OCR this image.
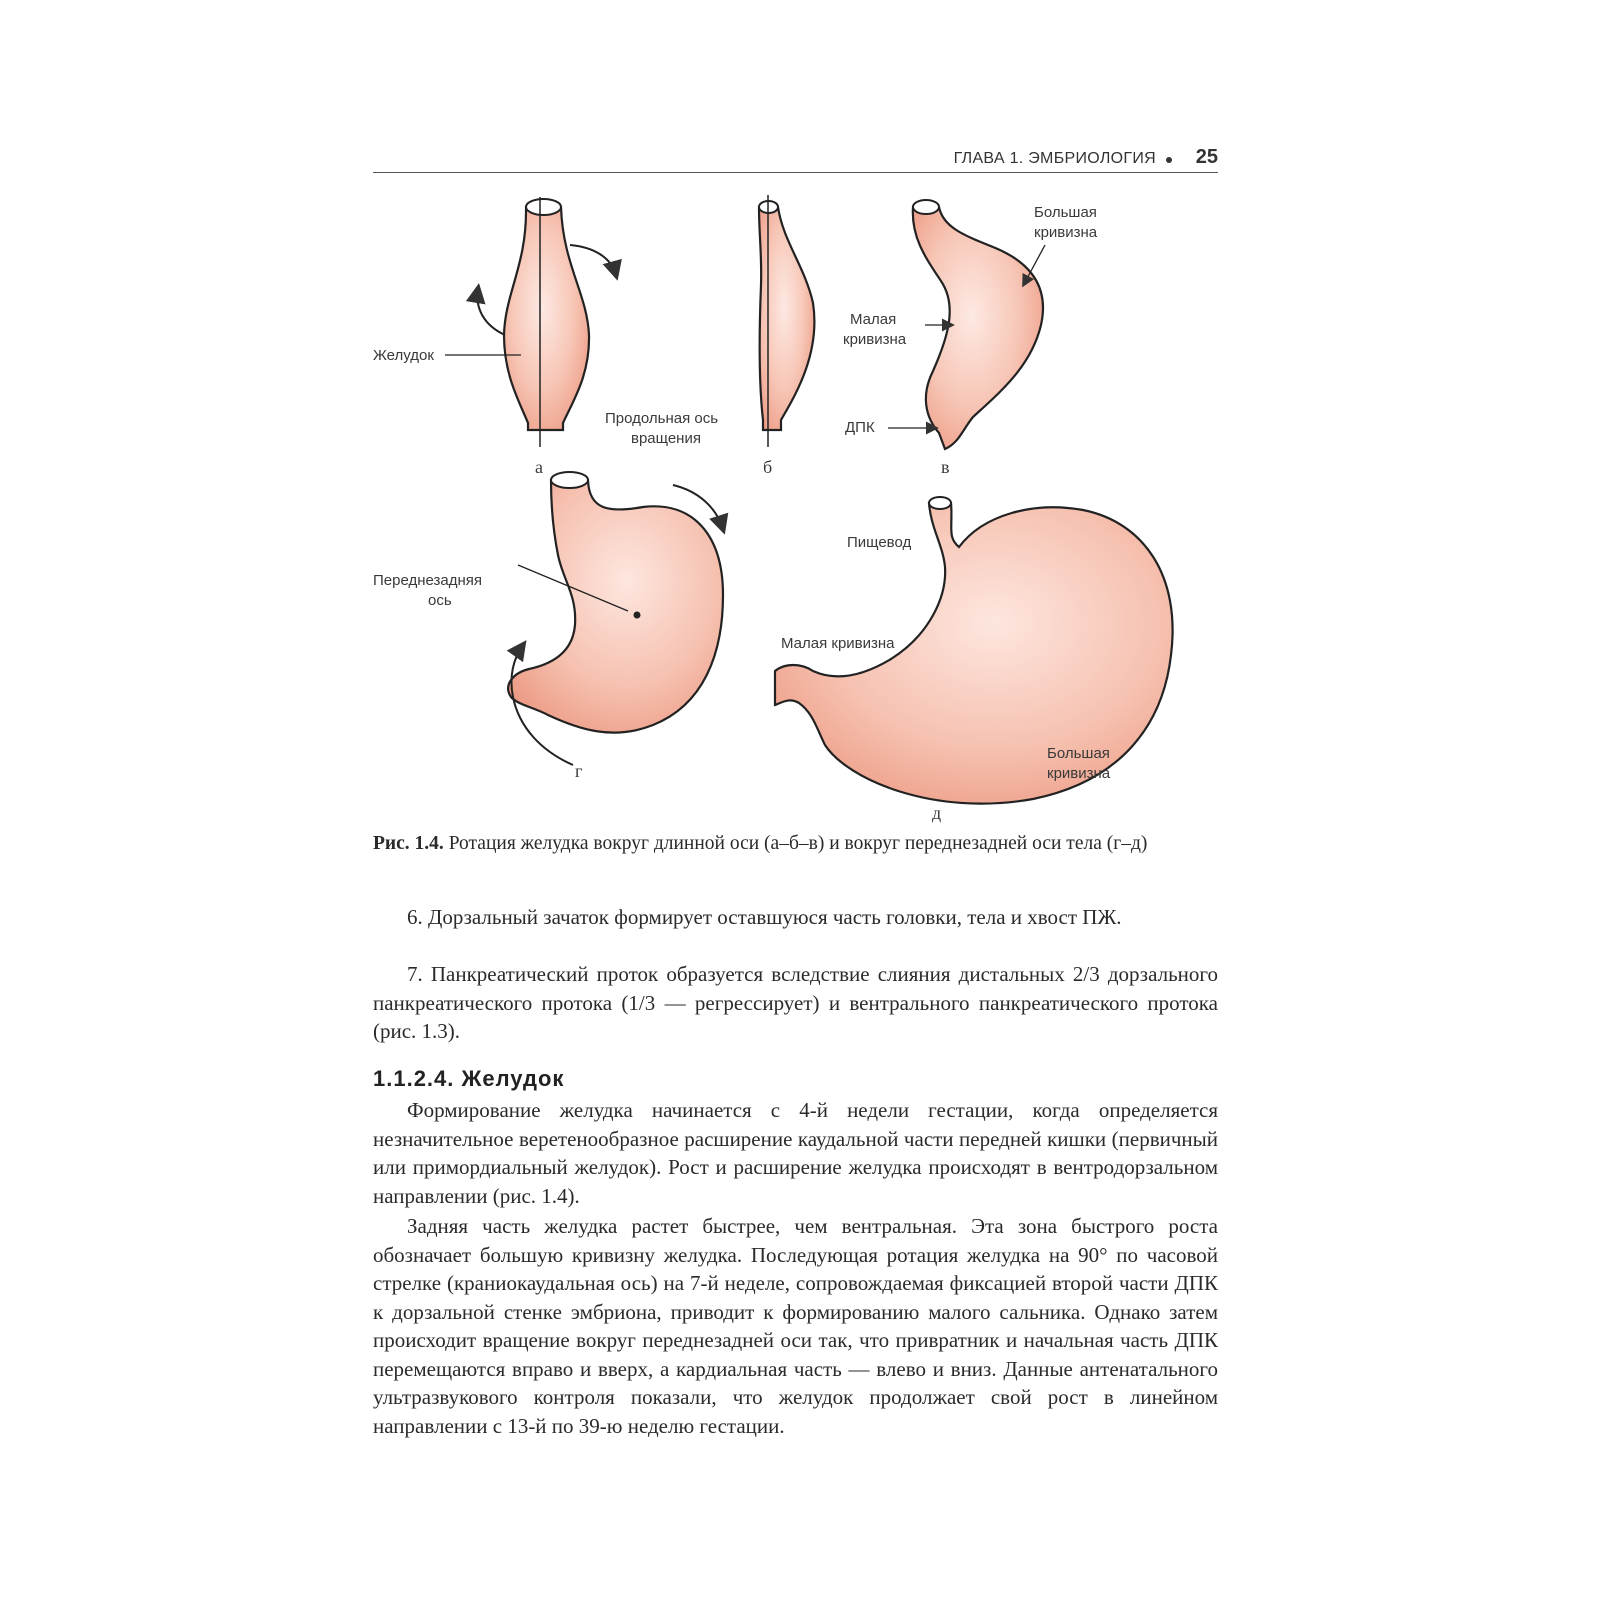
ГЛАВА 1. ЭМБРИОЛОГИЯ 25
Желудок
а
Продольная ось
вращения
б
Большая
кривизна
Малая
кривизна
ДПК
в
Переднезадняя
ось
г
Пищевод
Малая кривизна
Большая
кривизна
д
Рис. 1.4. Ротация желудка вокруг длинной оси (а–б–в) и вокруг переднезадней оси тела (г–д)

6. Дорзальный зачаток формирует оставшуюся часть головки, тела и хвост ПЖ.

7. Панкреатический проток образуется вследствие слияния дистальных 2/3 дорзального панкреатического протока (1/3 — регрессирует) и вентрального панкреатического протока (рис. 1.3).

1.1.2.4. Желудок

Формирование желудка начинается с 4-й недели гестации, когда определяется незначительное веретенообразное расширение каудальной части передней кишки (первичный или примордиальный желудок). Рост и расширение желудка происходят в вентродорзальном направлении (рис. 1.4).

Задняя часть желудка растет быстрее, чем вентральная. Эта зона быстрого роста обозначает большую кривизну желудка. Последующая ротация желудка на 90° по часовой стрелке (краниокаудальная ось) на 7-й неделе, сопровождаемая фиксацией второй части ДПК к дорзальной стенке эмбриона, приводит к формированию малого сальника. Однако затем происходит вращение вокруг переднезадней оси так, что привратник и начальная часть ДПК перемещаются вправо и вверх, а кардиальная часть — влево и вниз. Данные антенатального ультразвукового контроля показали, что желудок продолжает свой рост в линейном направлении с 13-й по 39-ю неделю гестации.
